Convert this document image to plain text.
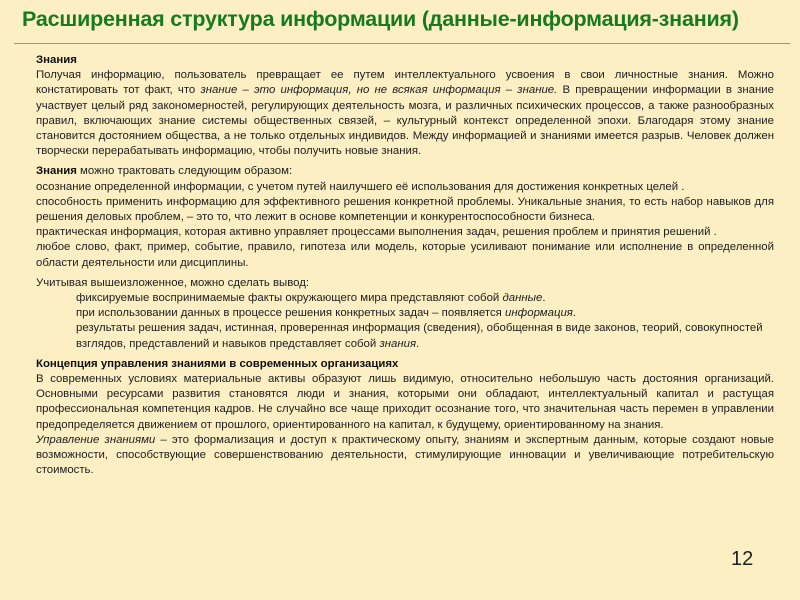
Расширенная структура информации (данные-информация-знания)

Знания
Получая информацию, пользователь превращает ее путем интеллектуального усвоения в свои личностные знания. Можно констатировать тот факт, что знание – это информация, но не всякая информация – знание. В превращении информации в знание участвует целый ряд закономерностей, регулирующих деятельность мозга, и различных психических процессов, а также разнообразных правил, включающих знание системы общественных связей, – культурный контекст определенной эпохи. Благодаря этому знание становится достоянием общества, а не только отдельных индивидов. Между информацией и знаниями имеется разрыв. Человек должен творчески перерабатывать информацию, чтобы получить новые знания.

Знания можно трактовать следующим образом:

осознание определенной информации, с учетом путей наилучшего её использования для достижения конкретных целей .

способность применить информацию для эффективного решения конкретной проблемы. Уникальные знания, то есть набор навыков для решения деловых проблем, – это то, что лежит в основе компетенции и конкурентоспособности бизнеса.

практическая информация, которая активно управляет процессами выполнения задач, решения проблем и принятия решений .

любое слово, факт, пример, событие, правило, гипотеза или модель, которые усиливают понимание или исполнение в определенной области деятельности или дисциплины.

Учитывая вышеизложенное, можно сделать вывод:

фиксируемые воспринимаемые факты окружающего мира представляют собой данные.

при использовании данных в процессе решения конкретных задач – появляется информация.

результаты решения задач, истинная, проверенная информация (сведения), обобщенная в виде законов, теорий, совокупностей взглядов, представлений и навыков представляет собой знания.

Концепция управления знаниями в современных организациях
В современных условиях материальные активы образуют лишь видимую, относительно небольшую часть достояния организаций. Основными ресурсами развития становятся люди и знания, которыми они обладают, интеллектуальный капитал и растущая профессиональная компетенция кадров. Не случайно все чаще приходит осознание того, что значительная часть перемен в управлении предопределяется движением от прошлого, ориентированного на капитал, к будущему, ориентированному на знания.

Управление знаниями – это формализация и доступ к практическому опыту, знаниям и экспертным данным, которые создают новые возможности, способствующие совершенствованию деятельности, стимулирующие инновации и увеличивающие потребительскую стоимость.

12
